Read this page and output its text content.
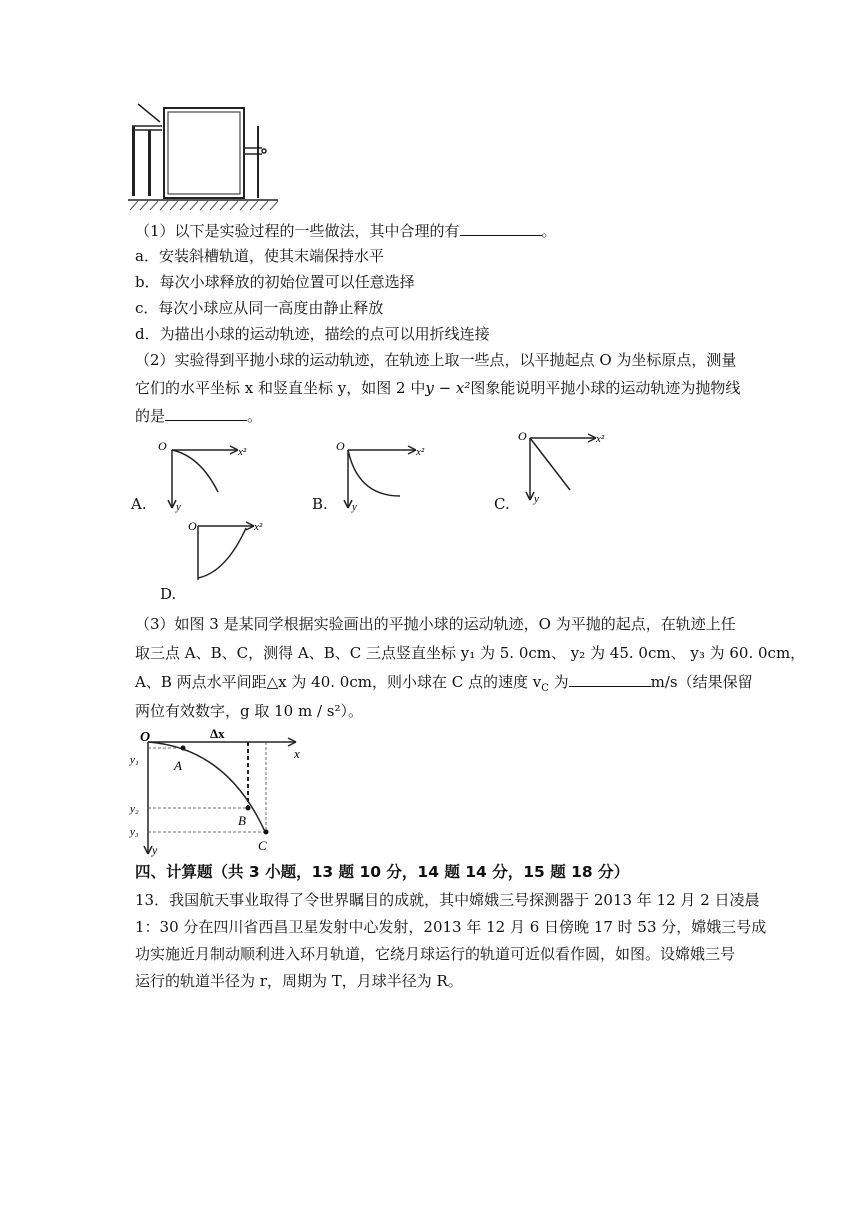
（1）以下是实验过程的一些做法，其中合理的有	。
a．安装斜槽轨道，使其末端保持水平
b．每次小球释放的初始位置可以任意选择
c．每次小球应从同一高度由静止释放
d．为描出小球的运动轨迹，描绘的点可以用折线连接
（2）实验得到平抛小球的运动轨迹，在轨迹上取一些点，以平抛起点 O 为坐标原点，测量
它们的水平坐标 x 和竖直坐标 y，如图 2 中y − x²图象能说明平抛小球的运动轨迹为抛物线
的是	。
A.
O	x²
y	B.
O	x²
y	C.
O	x²
y
D.
O	x²
（3）如图 3 是某同学根据实验画出的平抛小球的运动轨迹，O 为平抛的起点，在轨迹上任
取三点 A、B、C，测得 A、B、C 三点竖直坐标 y₁ 为 5. 0cm、 y₂ 为 45. 0cm、 y₃ 为 60. 0cm，
A、B 两点水平间距△x 为 40. 0cm，则小球在 C 点的速度 $v_C$ 为	m/s（结果保留
两位有效数字，g 取 10 m / s²）。
O	Δx
x
y
y₁
y₂
y₃
A
B
C
四、计算题（共 3 小题，13 题 10 分，14 题 14 分，15 题 18 分）
13．我国航天事业取得了令世界瞩目的成就，其中嫦娥三号探测器于 2013 年 12 月 2 日凌晨
1：30 分在四川省西昌卫星发射中心发射，2013 年 12 月 6 日傍晚 17 时 53 分，嫦娥三号成
功实施近月制动顺利进入环月轨道，它绕月球运行的轨道可近似看作圆，如图。设嫦娥三号
运行的轨道半径为 r，周期为 T，月球半径为 R。
